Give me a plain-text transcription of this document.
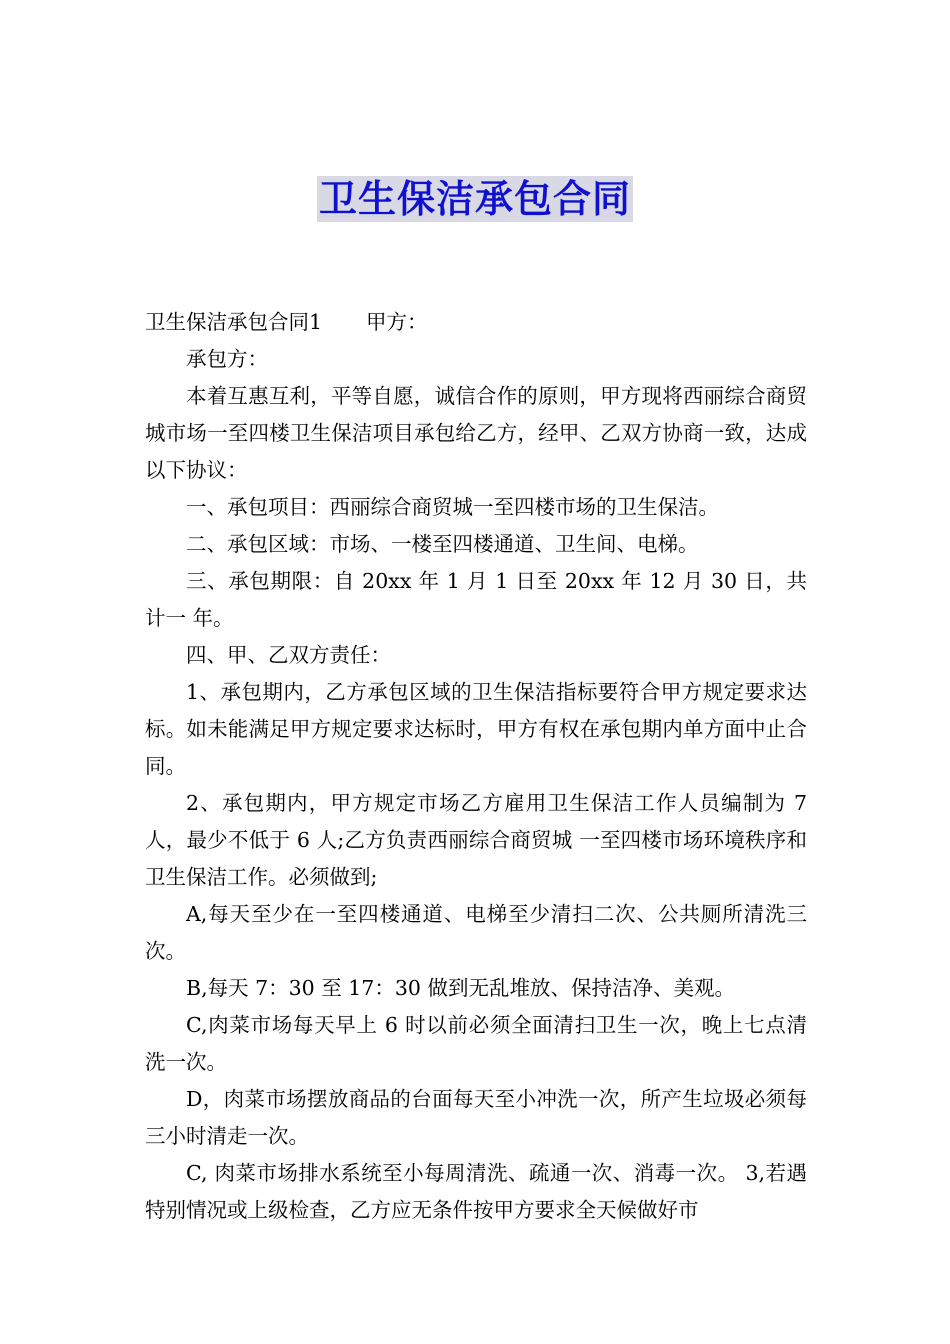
卫生保洁承包合同

卫生保洁承包合同1 甲方：

承包方：

本着互惠互利，平等自愿，诚信合作的原则，甲方现将西丽综合商贸城市场一至四楼卫生保洁项目承包给乙方，经甲、乙双方协商一致，达成以下协议：

一、承包项目：西丽综合商贸城一至四楼市场的卫生保洁。

二、承包区域：市场、一楼至四楼通道、卫生间、电梯。

三、承包期限：自 20xx 年 1 月 1 日至 20xx 年 12 月 30 日，共计一 年。

四、甲、乙双方责任：

1、承包期内，乙方承包区域的卫生保洁指标要符合甲方规定要求达标。如未能满足甲方规定要求达标时，甲方有权在承包期内单方面中止合同。

2、承包期内，甲方规定市场乙方雇用卫生保洁工作人员编制为 7 人，最少不低于 6 人;乙方负责西丽综合商贸城 一至四楼市场环境秩序和卫生保洁工作。必须做到;

A,每天至少在一至四楼通道、电梯至少清扫二次、公共厕所清洗三次。

B,每天 7：30 至 17：30 做到无乱堆放、保持洁净、美观。

C,肉菜市场每天早上 6 时以前必须全面清扫卫生一次，晚上七点清洗一次。

D，肉菜市场摆放商品的台面每天至小冲洗一次，所产生垃圾必须每三小时清走一次。

C, 肉菜市场排水系统至小每周清洗、疏通一次、消毒一次。 3,若遇特别情况或上级检查，乙方应无条件按甲方要求全天候做好市
